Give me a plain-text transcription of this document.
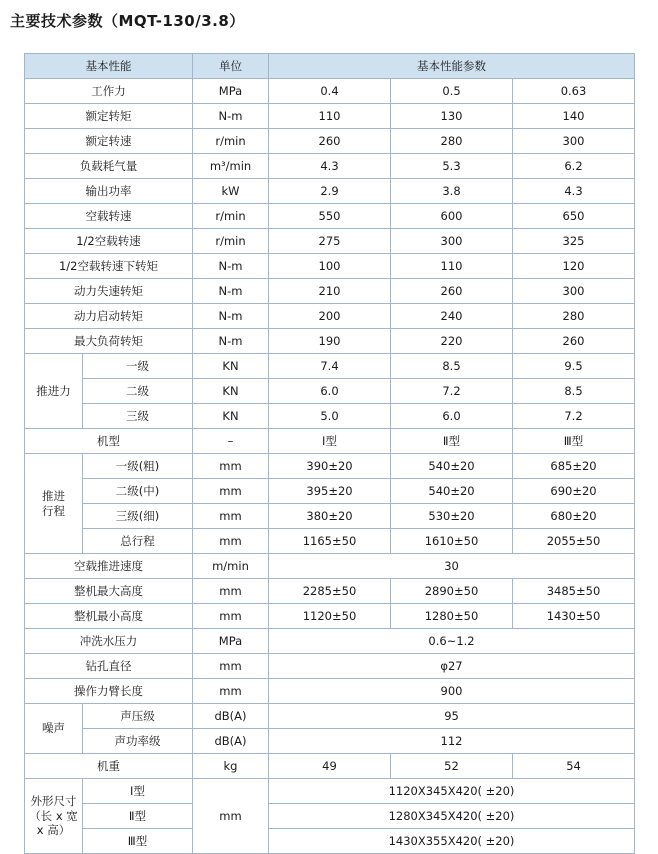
主要技术参数（MQT-130/3.8）
基本性能		单位	基本性能参数		
工作力		MPa	0.4	0.5	0.63
额定转矩		N-m	110	130	140
额定转速		r/min	260	280	300
负载耗气量		m³/min	4.3	5.3	6.2
输出功率		kW	2.9	3.8	4.3
空载转速		r/min	550	600	650
1/2空载转速		r/min	275	300	325
1/2空载转速下转矩		N-m	100	110	120
动力失速转矩		N-m	210	260	300
动力启动转矩		N-m	200	240	280
最大负荷转矩		N-m	190	220	260
推进力	一级	KN	7.4	8.5	9.5
	二级	KN	6.0	7.2	8.5
	三级	KN	5.0	6.0	7.2
机型		–	Ⅰ型	Ⅱ型	Ⅲ型

推进
行程	一级(粗)	mm	390±20	540±20	685±20
	二级(中)	mm	395±20	540±20	690±20
	三级(细)	mm	380±20	530±20	680±20
	总行程	mm	1165±50	1610±50	2055±50
空载推进速度		m/min	30		
整机最大高度		mm	2285±50	2890±50	3485±50
整机最小高度		mm	1120±50	1280±50	1430±50
冲洗水压力		MPa	0.6~1.2		
钻孔直径		mm	φ27		
操作力臂长度		mm	900		
噪声	声压级	dB(A)	95		
	声功率级	dB(A)	112		
机重		kg	49	52	54

外形尺寸
（长 x 宽 x 高）	Ⅰ型	mm	1120X345X420( ±20)		
	Ⅱ型		1280X345X420( ±20)		
	Ⅲ型		1430X355X420( ±20)		
